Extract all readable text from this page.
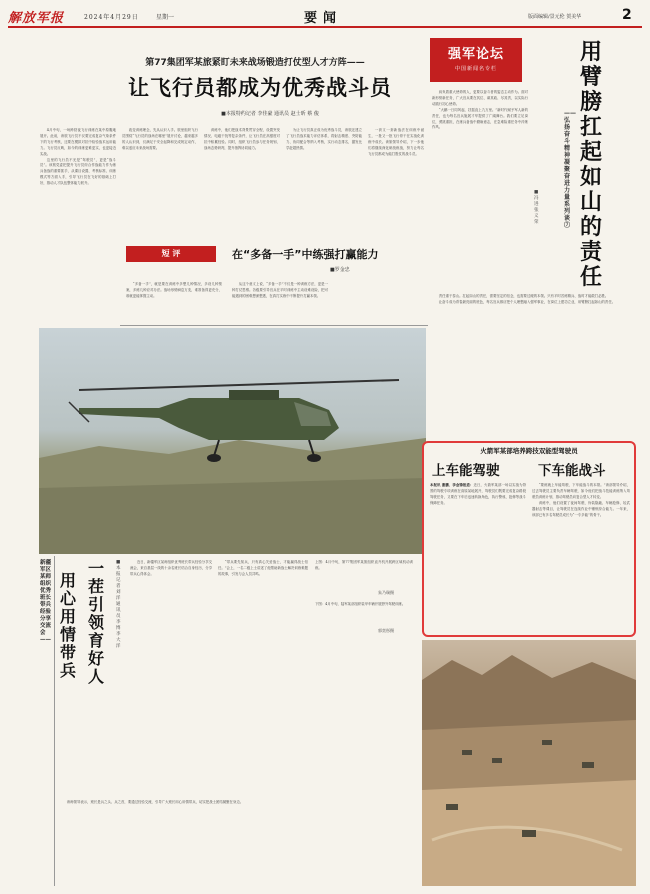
解放军报	2024年4月29日	星期一	要闻	版面编辑/景元伦 贺美华	2
第77集团军某旅紧盯未来战场锻造打仗型人才方阵——
让飞行员都成为优秀战斗员
■本报特约记者 李佳豪 通讯员 赵士昕 蔡 俊

4月中旬，一场跨昼夜飞行训练在某中原腹地展开。此前，该旅飞行员不仅要完成复杂气象条件下的飞行考核，还要在模拟对抗中检验战术运用能力。飞行员反映，如今的训练更难更实，也更接近实战。

这里的飞行员不光是“驾驶员”，更是“战斗员”。该旅党委把提升飞行员综合作战能力作为练兵备战的重要抓手，从课目设置、考核标准、训练模式等方面入手，引导飞行员在飞好的基础上打好，推动人才队伍整体能力跃升。

改变训练理念，先从认识入手。旅里组织飞行员围绕“飞行员的战场在哪里”展开讨论，越来越多的人认识到，仅满足于安全起降和完成规定动作，难以适应未来战场需要。

训练中，他们把战术背景贯穿全程，设置突发情况、电磁干扰等复杂条件，让飞行员在高强度对抗中积累经验。同时，组织飞行员参与任务规划、战场态势研判，提升指挥协同能力。

为让飞行员真正成为优秀战斗员，该旅还建立了飞行员战术能力评估体系，将射击精度、突防能力、协同配合等纳入考核，实行动态排名，激发比学赶超热情。

一套又一套新战法在训练中诞生，一批又一批飞行骨干在实战化训练中成长。该旅领导介绍，下一步他们将继续深化研战练战，努力让每名飞行员都成为能打胜仗的战斗员。

短 评	在“多备一手”中练强打赢能力
■罗金忠

“多备一手”，就是要在训练中多想几种情况，多设几种预案，多练几种应对办法。战场形势瞬息万变，谁准备得更充分，谁就更能掌握主动。

从这个意义上说，“多备一手”不仅是一种训练方法，更是一种打仗思维。各级要引导官兵在平时训练中主动设难设险，把可能遇到的困难想深想透，在真打实练中不断提升打赢本领。

上图：4月中旬，第77集团军某旅组织直升机开展跨区域机动训练。
朱乃瑞摄
下图：4月中旬，陆军某部组织装甲车辆开展野外驾驶训练。
郭奕彤摄
新疆军区某师组织优秀班长带兵经验分享交流会——
用心用情带兵
一茬引领育好人
■本报记者 刘 洋 通讯员 李 博 李大洋

近日，新疆军区某师组织优秀班长带兵经验分享交流会，来自基层一线的十余名班长结合自身经历，分享带兵心得体会。

“带兵要先知兵，只有真心关爱战士，才能赢得战士信任。”会上，一名二级上士讲述了他帮助新战士解决训练难题的故事，引发与会人员共鸣。

该师领导表示，班长是兵之头、兵之首，要通过经验交流，引导广大班长用心用情带兵，切实把战士团结凝聚在身边。

强军论坛
中国新闻名专栏
用臂膀扛起如山的责任
——弘扬奋斗精神凝聚奋进力量系列谈⑦
■ 冯 进 张 义 荣

肩负着重大使命的人，更要以奋斗者的姿态主动作为。面对新形势新任务，广大官兵要在其位、谋其政、尽其责，以实际行动践行初心使命。

“大鹏一日同风起，扶摇直上九万里。”新时代赋予军人新的责任，也为每名官兵施展才华提供了广阔舞台。我们要立足岗位，勇挑重担，在练兵备战中磨砺意志，在急难险重任务中淬炼作风。

责任重于泰山。扛起如山的责任，需要坚定的信念，也需要过硬的本领。只有平时苦练精兵、战时才能敢打必胜。

让奋斗成为青春最亮丽的底色，每名官兵都应把个人理想融入强军事业，在岗位上建功立业，用臂膀扛起如山的责任。

火箭军某部培养跨技双能型驾驶员
上车能驾驶	下车能战斗
本报讯 谢鹏、李金锋报道：近日，火箭军某部一场以实战为背景的驾驶专项训练在高原某地展开，驾驶员们既要完成复杂路段驾驶任务，又要在下车后迅速转换角色，执行警戒、抢修等战斗保障任务。

“要练就上车能驾驶、下车能战斗的本领。”该部领导介绍，过去驾驶员主要负责车辆驾驶，如今他们把战斗技能训练纳入驾驶员训练计划，推动驾驶员向复合型人才转变。

训练中，他们设置了夜间驾驶、伪装隐蔽、车辆抢修、轻武器射击等课目，让驾驶员在连续作业中锤炼综合能力。一年来，该部已有多名驾驶员成长为“一专多能”的骨干。
